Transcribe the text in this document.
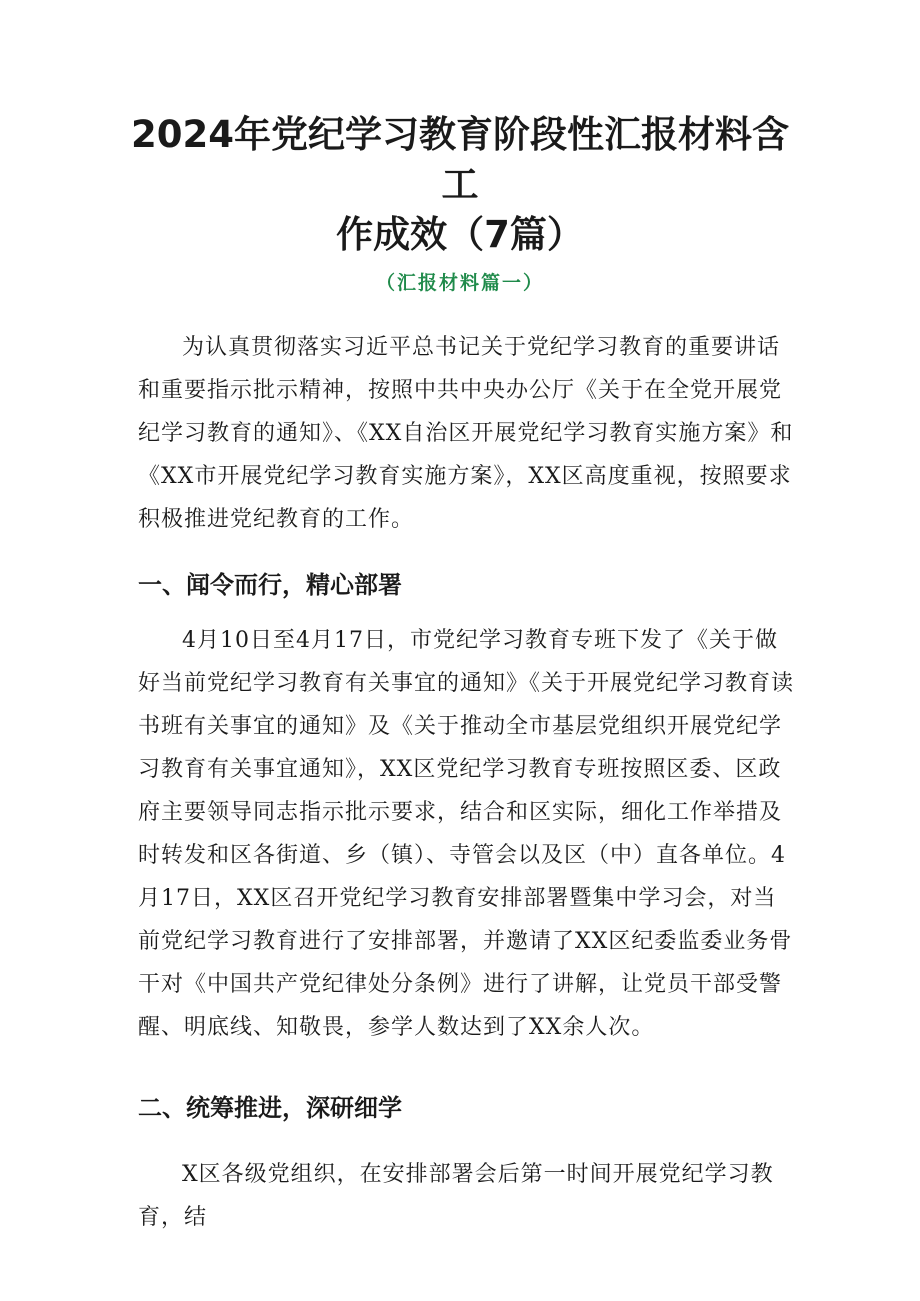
2024年党纪学习教育阶段性汇报材料含工
作成效（7篇）
（汇报材料篇一）

为认真贯彻落实习近平总书记关于党纪学习教育的重要讲话和重要指示批示精神，按照中共中央办公厅《关于在全党开展党纪学习教育的通知》、《XX自治区开展党纪学习教育实施方案》和《XX市开展党纪学习教育实施方案》，XX区高度重视，按照要求积极推进党纪教育的工作。

一、闻令而行，精心部署

4月10日至4月17日，市党纪学习教育专班下发了《关于做好当前党纪学习教育有关事宜的通知》《关于开展党纪学习教育读书班有关事宜的通知》及《关于推动全市基层党组织开展党纪学习教育有关事宜通知》，XX区党纪学习教育专班按照区委、区政府主要领导同志指示批示要求，结合和区实际，细化工作举措及时转发和区各街道、乡（镇）、寺管会以及区（中）直各单位。4月17日，XX区召开党纪学习教育安排部署暨集中学习会，对当前党纪学习教育进行了安排部署，并邀请了XX区纪委监委业务骨干对《中国共产党纪律处分条例》进行了讲解，让党员干部受警醒、明底线、知敬畏，参学人数达到了XX余人次。

二、统筹推进，深研细学

X区各级党组织，在安排部署会后第一时间开展党纪学习教育，结
